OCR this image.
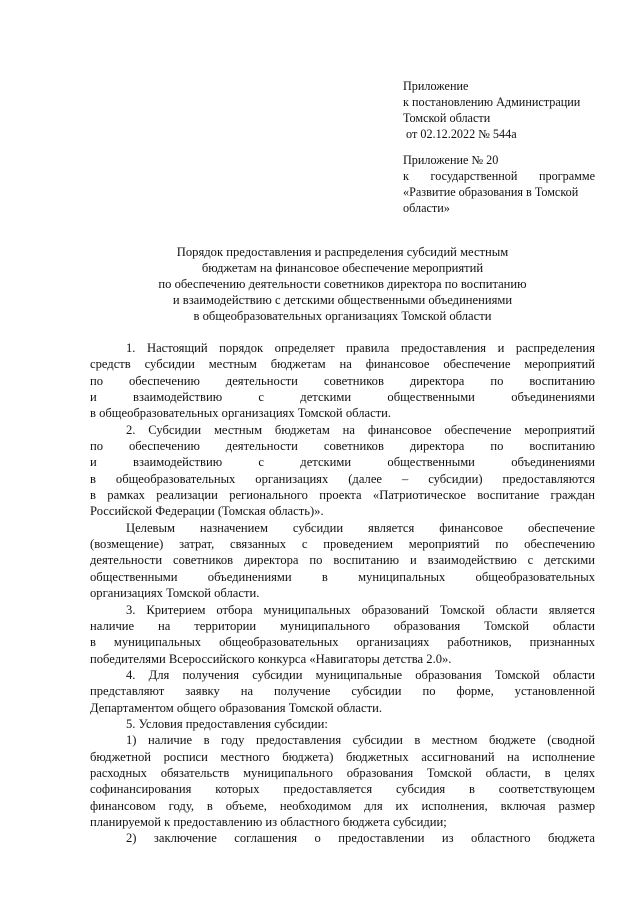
Приложение
к постановлению Администрации
Томской области
от 02.12.2022 № 544а
Приложение № 20
к государственной программе
«Развитие образования в Томской
области»
Порядок предоставления и распределения субсидий местным
бюджетам на финансовое обеспечение мероприятий
по обеспечению деятельности советников директора по воспитанию
и взаимодействию с детскими общественными объединениями
в общеобразовательных организациях Томской области
1. Настоящий порядок определяет правила предоставления и распределения
средств субсидии местным бюджетам на финансовое обеспечение мероприятий
по обеспечению деятельности советников директора по воспитанию
и взаимодействию с детскими общественными объединениями
в общеобразовательных организациях Томской области.
2. Субсидии местным бюджетам на финансовое обеспечение мероприятий
по обеспечению деятельности советников директора по воспитанию
и взаимодействию с детскими общественными объединениями
в общеобразовательных организациях (далее – субсидии) предоставляются
в рамках реализации регионального проекта «Патриотическое воспитание граждан
Российской Федерации (Томская область)».
Целевым назначением субсидии является финансовое обеспечение
(возмещение) затрат, связанных с проведением мероприятий по обеспечению
деятельности советников директора по воспитанию и взаимодействию с детскими
общественными объединениями в муниципальных общеобразовательных
организациях Томской области.
3. Критерием отбора муниципальных образований Томской области является
наличие на территории муниципального образования Томской области
в муниципальных общеобразовательных организациях работников, признанных
победителями Всероссийского конкурса «Навигаторы детства 2.0».
4. Для получения субсидии муниципальные образования Томской области
представляют заявку на получение субсидии по форме, установленной
Департаментом общего образования Томской области.
5. Условия предоставления субсидии:
1) наличие в году предоставления субсидии в местном бюджете (сводной
бюджетной росписи местного бюджета) бюджетных ассигнований на исполнение
расходных обязательств муниципального образования Томской области, в целях
софинансирования которых предоставляется субсидия в соответствующем
финансовом году, в объеме, необходимом для их исполнения, включая размер
планируемой к предоставлению из областного бюджета субсидии;
2) заключение соглашения о предоставлении из областного бюджета
